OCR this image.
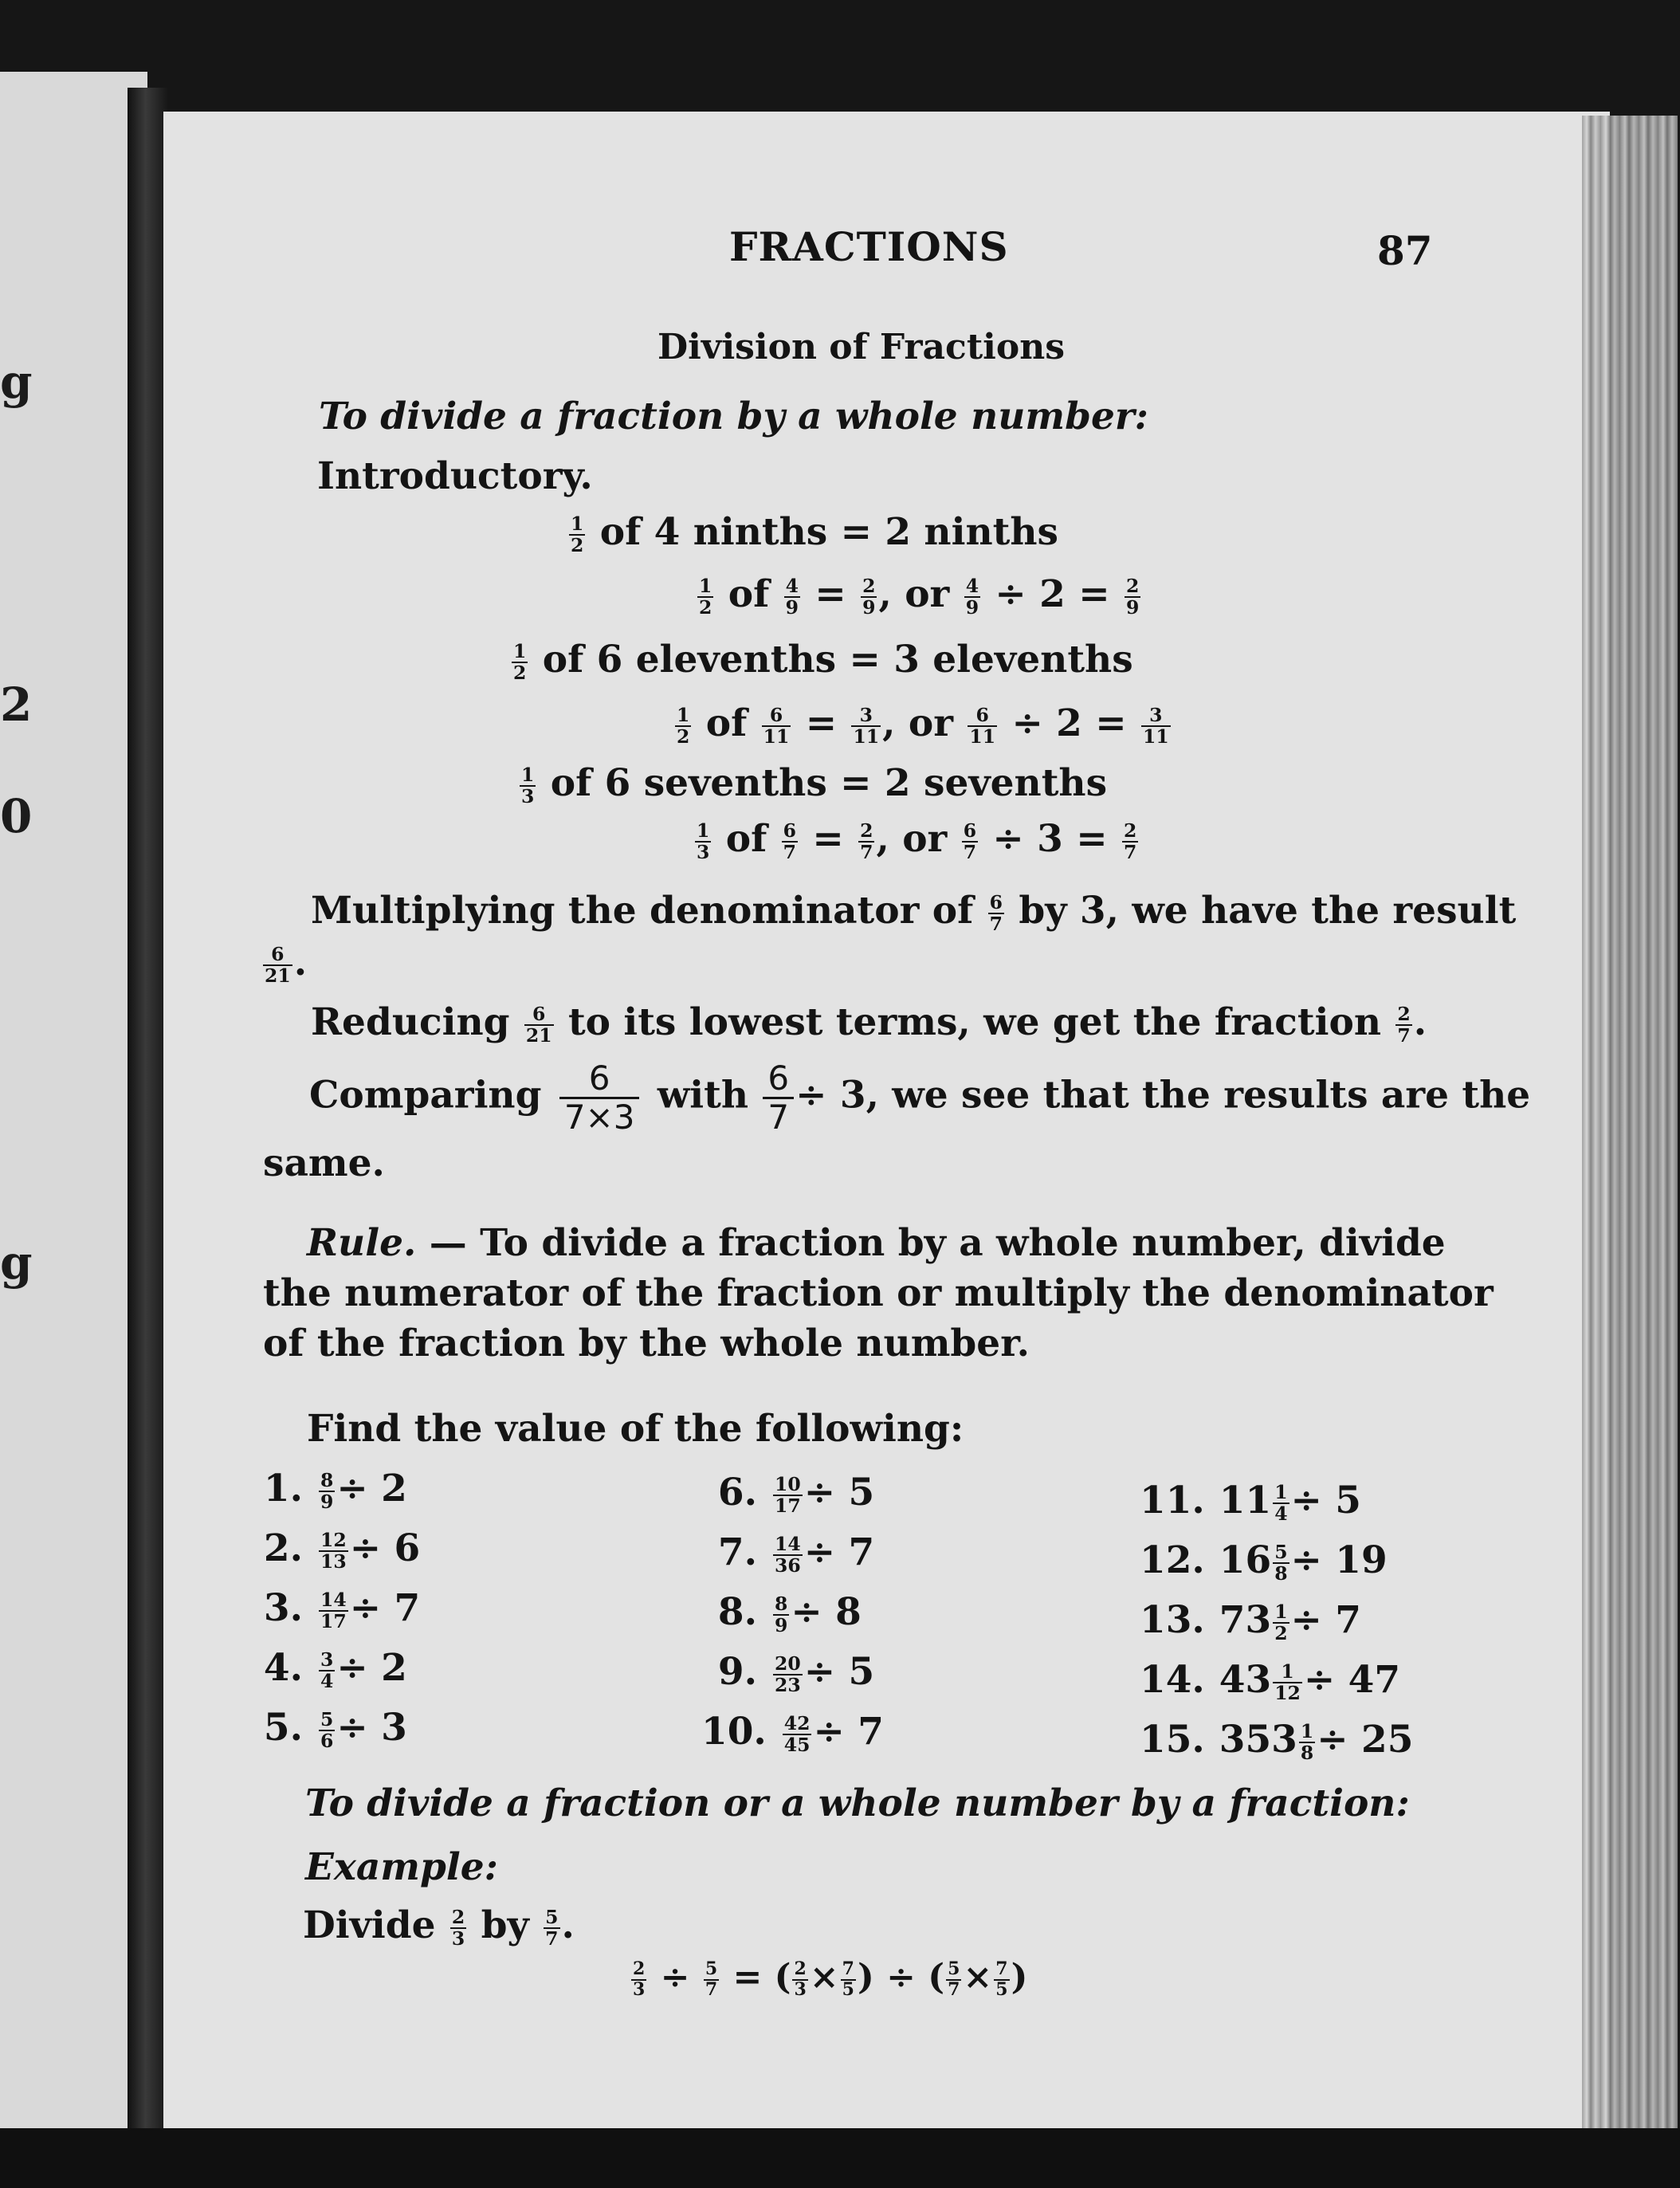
g
2
0
g
FRACTIONS	87
Division of Fractions
To divide a fraction by a whole number:
Introductory.
$\frac{1}{2}$ of 4 ninths = 2 ninths
$\frac{1}{2}$ of $\frac{4}{9} = \frac{2}{9}$ , or $\frac{4}{9} \div 2 = \frac{2}{9}$
$\frac{1}{2}$ of 6 elevenths = 3 elevenths
$\frac{1}{2}$ of $\frac{6}{11} = \frac{3}{11}$ , or $\frac{6}{11} \div 2 = \frac{3}{11}$
$\frac{1}{3}$ of 6 sevenths = 2 sevenths
$\frac{1}{3}$ of $\frac{6}{7} = \frac{2}{7}$ , or $\frac{6}{7} \div 3 = \frac{2}{7}$
Multiplying the denominator of $\frac{6}{7}$ by 3, we have the result
$\frac{6}{21}$ .
Reducing $\frac{6}{21}$ to its lowest terms, we get the fraction $\frac{2}{7}$ .
Comparing $\frac{6}{7\times 3}$ with $\frac{6}{7} \div 3$, we see that the results are the
same.
Rule. — To divide a fraction by a whole number, divide
the numerator of the fraction or multiply the denominator
of the fraction by the whole number.
Find the value of the following:
1. $\frac{8}{9} \div 2$
2. $\frac{12}{13} \div 6$
3. $\frac{14}{17} \div 7$
4. $\frac{3}{4} \div 2$
5. $\frac{5}{6} \div 3$
6. $\frac{10}{17} \div 5$
7. $\frac{14}{36} \div 7$
8. $\frac{8}{9} \div 8$
9. $\frac{20}{23} \div 5$
10. $\frac{42}{45} \div 7$
11. $11 \frac{1}{4} \div 5$
12. $16 \frac{5}{8} \div 19$
13. $73 \frac{1}{2} \div 7$
14. $43 \frac{1}{12} \div 47$
15. $353 \frac{1}{8} \div 25$
To divide a fraction or a whole number by a fraction:
Example:
Divide $\frac{2}{3}$ by $\frac{5}{7}$ .
$\frac{2}{3} \div \frac{5}{7}$ = ( $\frac{2}{3} \times \frac{7}{5}$ ) ÷ ( $\frac{5}{7} \times \frac{7}{5}$ )
